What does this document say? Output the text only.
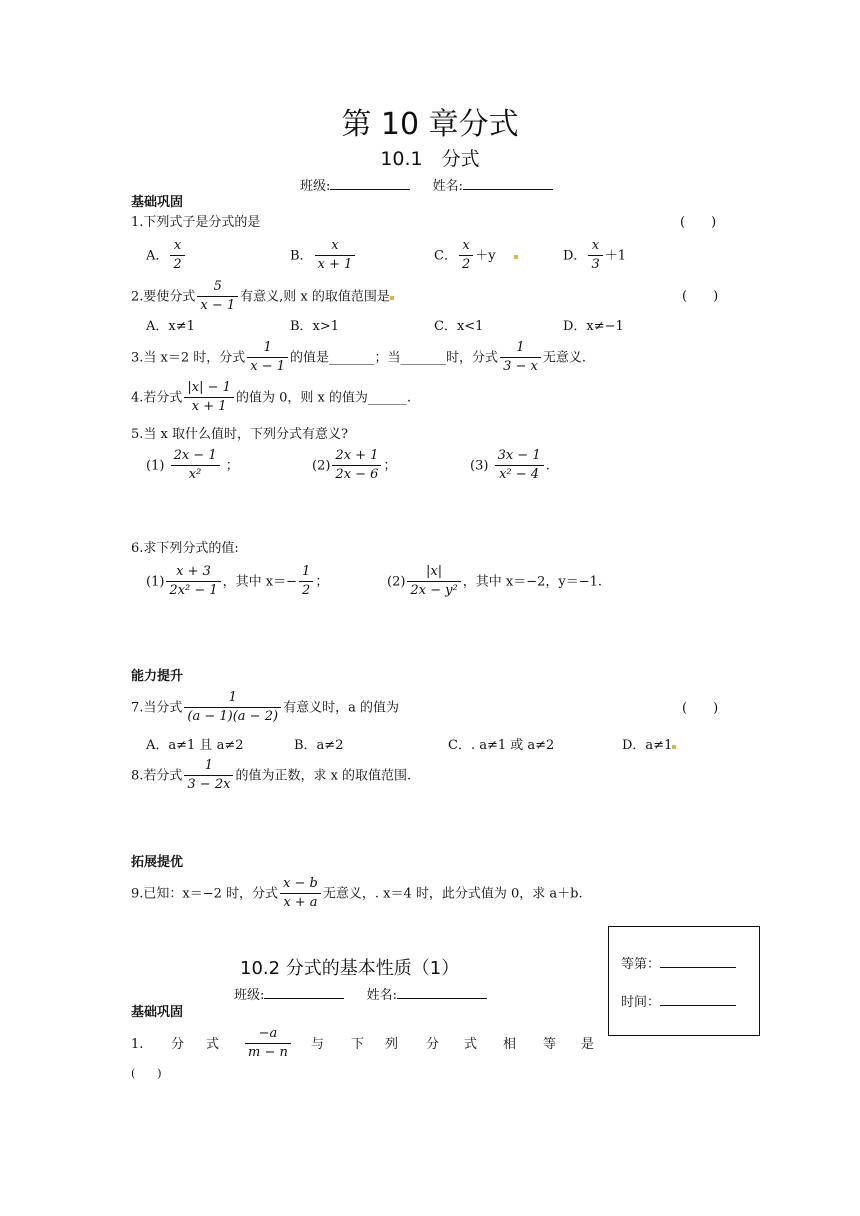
第 10 章分式
10.1　分式
班级:	姓名:
基础巩固
1.下列式子是分式的是	(　　)
A． $\frac{x}{2}$	B． $\frac{x}{x + 1}$	C． $\frac{x}{2} +y$	D． $\frac{x}{3} +1$
2.要使分式 $\frac{5}{x - 1}$ 有意义,则 x 的取值范围是	(　　)
A．x≠1	B．x>1	C．x<1	D．x≠−1
3.当 x＝2 时，分式 $\frac{1}{x - 1}$ 的值是_______；当_______时，分式 $\frac{1}{3 - x}$ 无意义.
4.若分式 $\frac{|x| - 1}{x + 1}$ 的值为 0，则 x 的值为______.
5.当 x 取什么值时，下列分式有意义?
$(1) \frac{2x - 1}{\text{x²}}$ ；	$(2) \frac{2x + 1}{2x - 6}$ ；	$(3) \frac{3x - 1}{\text{x² − 4}}$ .
6.求下列分式的值:
$(1) \frac{x + 3}{\text{2x² − 1}}$ ，其中 $x=- \frac{1}{2}$ ；	$(2) \frac{|x|}{\text{2x − y²}}$ ，其中 x＝−2，y＝−1.
能力提升
7.当分式 $\frac{1}{(a - 1)(a - 2)}$ 有意义时，a 的值为	(　　)
A．a≠1 且 a≠2	B．a≠2	C．. a≠1 或 a≠2	D．a≠1
8.若分式 $\frac{1}{3 - 2x}$ 的值为正数，求 x 的取值范围.
拓展提优
9.已知：x＝−2 时，分式 $\frac{x - b}{x + a}$ 无意义，. x＝4 时，此分式值为 0，求 a＋b.
等第：
时间：
10.2 分式的基本性质（1）
班级:	姓名:
基础巩固
1. 分 式 $\frac{-a}{m - n}$ 与 下 列 分 式 相 等 是
(　　)
